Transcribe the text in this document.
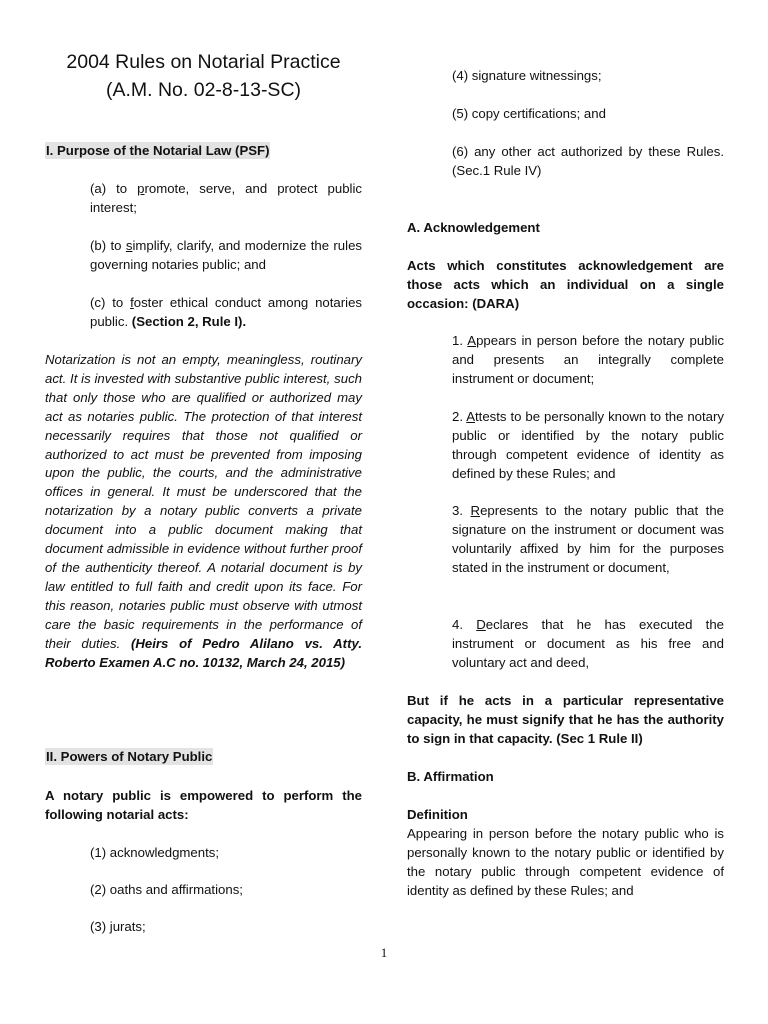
2004 Rules on Notarial Practice
(A.M. No. 02-8-13-SC)
I. Purpose of the Notarial Law (PSF)
(a) to promote, serve, and protect public interest;
(b) to simplify, clarify, and modernize the rules governing notaries public; and
(c) to foster ethical conduct among notaries public. (Section 2, Rule I).
Notarization is not an empty, meaningless, routinary act. It is invested with substantive public interest, such that only those who are qualified or authorized may act as notaries public. The protection of that interest necessarily requires that those not qualified or authorized to act must be prevented from imposing upon the public, the courts, and the administrative offices in general. It must be underscored that the notarization by a notary public converts a private document into a public document making that document admissible in evidence without further proof of the authenticity thereof. A notarial document is by law entitled to full faith and credit upon its face. For this reason, notaries public must observe with utmost care the basic requirements in the performance of their duties. (Heirs of Pedro Alilano vs. Atty. Roberto Examen A.C no. 10132, March 24, 2015)
II. Powers of Notary Public
A notary public is empowered to perform the following notarial acts:
(1) acknowledgments;
(2) oaths and affirmations;
(3) jurats;
(4) signature witnessings;
(5) copy certifications; and
(6) any other act authorized by these Rules. (Sec.1 Rule IV)
A. Acknowledgement
Acts which constitutes acknowledgement are those acts which an individual on a single occasion: (DARA)
1. Appears in person before the notary public and presents an integrally complete instrument or document;
2. Attests to be personally known to the notary public or identified by the notary public through competent evidence of identity as defined by these Rules; and
3. Represents to the notary public that the signature on the instrument or document was voluntarily affixed by him for the purposes stated in the instrument or document,
4. Declares that he has executed the instrument or document as his free and voluntary act and deed,
But if he acts in a particular representative capacity, he must signify that he has the authority to sign in that capacity. (Sec 1 Rule II)
B. Affirmation
Definition
Appearing in person before the notary public who is personally known to the notary public or identified by the notary public through competent evidence of identity as defined by these Rules; and
1
